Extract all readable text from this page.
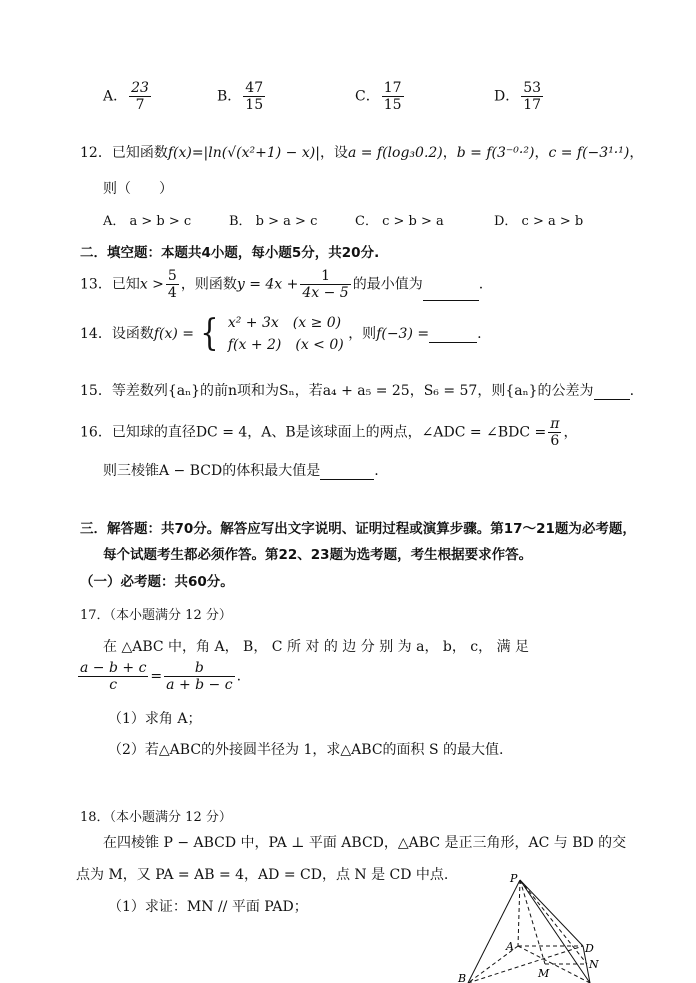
A． $\frac{23}{7}$	B． $\frac{47}{15}$	C． $\frac{17}{15}$	D． $\frac{53}{17}$
12．已知函数f(x)=|ln(√(x²+1) − x)|，设a = f(log₃0.2)，b = f(3⁻⁰·²)，c = f(−3¹·¹)，
则（　　）
A． a > b > c	B． b > a > c	C． c > b > a	D． c > a > b
二．填空题：本题共4小题，每小题5分，共20分.
13．已知$x > \frac{5}{4}$ ，则函数$y = 4x + \frac{1}{4x - 5}$ 的最小值为	.
14．设函数f(x) = { x² + 3x　(x ≥ 0)
f(x + 2)　(x < 0)
，则f(−3) =	.
15．等差数列{aₙ}的前n项和为Sₙ，若a₄ + a₅ = 25，S₆ = 57，则{aₙ}的公差为	.
16．已知球的直径DC = 4，A、B是该球面上的两点，∠ADC = ∠BDC = $\frac{\pi}{6}$ ，
则三棱锥A − BCD的体积最大值是	.
三．解答题：共70分。解答应写出文字说明、证明过程或演算步骤。第17～21题为必考题，
每个试题考生都必须作答。第22、23题为选考题，考生根据要求作答。
（一）必考题：共60分。
17．（本小题满分 12 分）
在 △ABC 中，角 A， B， C 所 对 的 边 分 别 为 a， b， c， 满 足
$\frac{a - b + c}{c} = \frac{b}{a + b - c}$ .
（1）求角 A；
（2）若△ABC的外接圆半径为 1，求△ABC的面积 S 的最大值.
18．（本小题满分 12 分）
在四棱锥 P − ABCD 中，PA ⊥ 平面 ABCD，△ABC 是正三角形，AC 与 BD 的交
点为 M，又 PA = AB = 4，AD = CD，点 N 是 CD 中点.
（1）求证：MN // 平面 PAD；
P
A	D
N
M
B
